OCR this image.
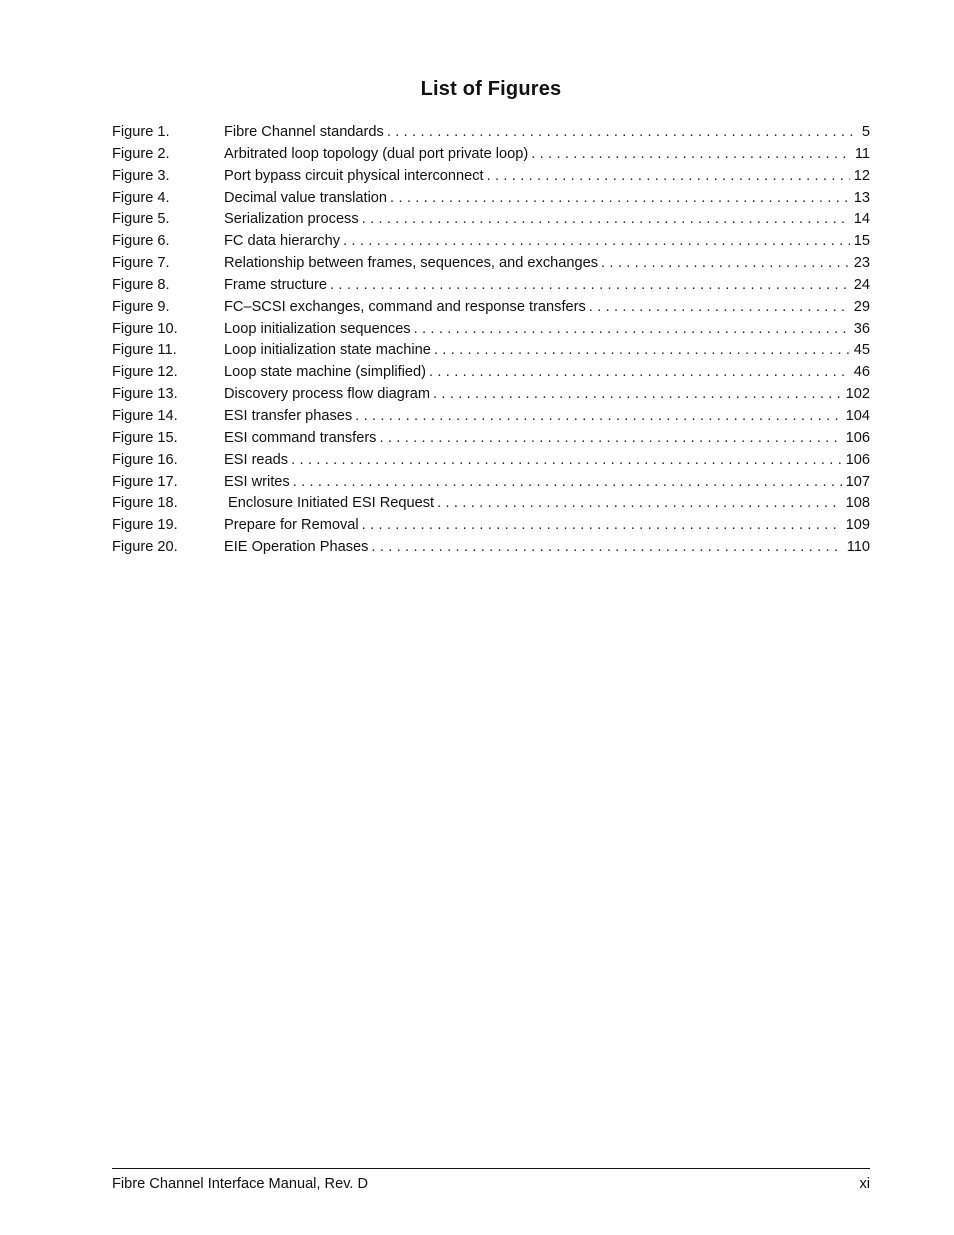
List of Figures
Figure 1.	Fibre Channel standards . . .	5
Figure 2.	Arbitrated loop topology (dual port private loop) . . .	11
Figure 3.	Port bypass circuit physical interconnect . . .	12
Figure 4.	Decimal value translation . . .	13
Figure 5.	Serialization process . . .	14
Figure 6.	FC data hierarchy . . .	15
Figure 7.	Relationship between frames, sequences, and exchanges . . .	23
Figure 8.	Frame structure . . .	24
Figure 9.	FC–SCSI exchanges, command and response transfers . . .	29
Figure 10.	Loop initialization sequences . . .	36
Figure 11.	Loop initialization state machine . . .	45
Figure 12.	Loop state machine (simplified) . . .	46
Figure 13.	Discovery process flow diagram . . .	102
Figure 14.	ESI transfer phases . . .	104
Figure 15.	ESI command transfers . . .	106
Figure 16.	ESI reads . . .	106
Figure 17.	ESI writes . . .	107
Figure 18.	Enclosure Initiated ESI Request . . .	108
Figure 19.	Prepare for Removal . . .	109
Figure 20.	EIE Operation Phases . . .	110
Fibre Channel Interface Manual, Rev. D	xi
